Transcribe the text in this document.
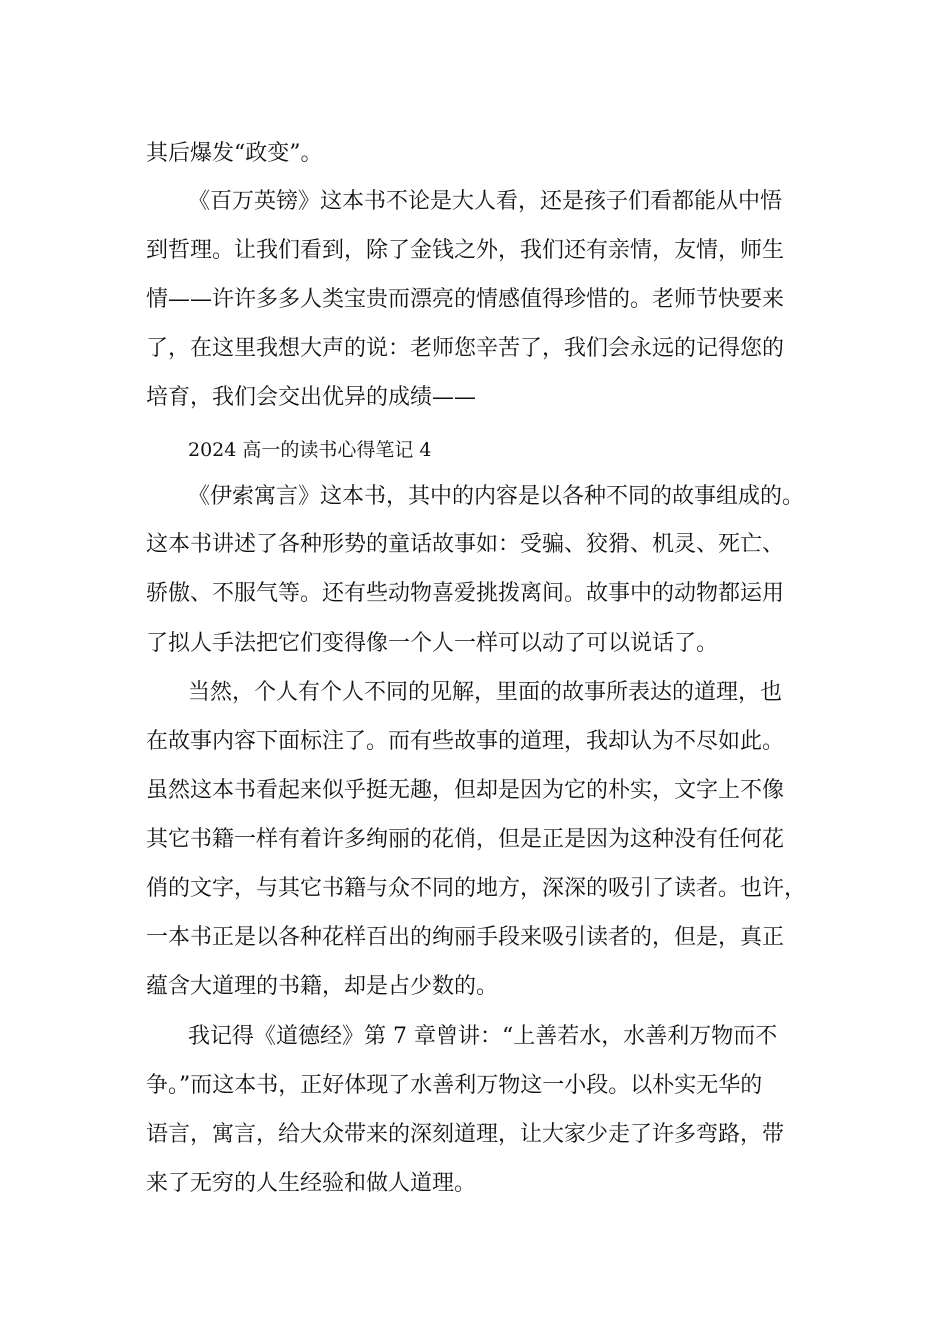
其后爆发“政变”。
《百万英镑》这本书不论是大人看，还是孩子们看都能从中悟
到哲理。让我们看到，除了金钱之外，我们还有亲情，友情，师生
情——许许多多人类宝贵而漂亮的情感值得珍惜的。老师节快要来
了，在这里我想大声的说：老师您辛苦了，我们会永远的记得您的
培育，我们会交出优异的成绩——
2024 高一的读书心得笔记 4
《伊索寓言》这本书，其中的内容是以各种不同的故事组成的。
这本书讲述了各种形势的童话故事如：受骗、狡猾、机灵、死亡、
骄傲、不服气等。还有些动物喜爱挑拨离间。故事中的动物都运用
了拟人手法把它们变得像一个人一样可以动了可以说话了。
当然，个人有个人不同的见解，里面的故事所表达的道理，也
在故事内容下面标注了。而有些故事的道理，我却认为不尽如此。
虽然这本书看起来似乎挺无趣，但却是因为它的朴实，文字上不像
其它书籍一样有着许多绚丽的花俏，但是正是因为这种没有任何花
俏的文字，与其它书籍与众不同的地方，深深的吸引了读者。也许，
一本书正是以各种花样百出的绚丽手段来吸引读者的，但是，真正
蕴含大道理的书籍，却是占少数的。
我记得《道德经》第 7 章曾讲：“上善若水，水善利万物而不
争。”而这本书，正好体现了水善利万物这一小段。以朴实无华的
语言，寓言，给大众带来的深刻道理，让大家少走了许多弯路，带
来了无穷的人生经验和做人道理。
